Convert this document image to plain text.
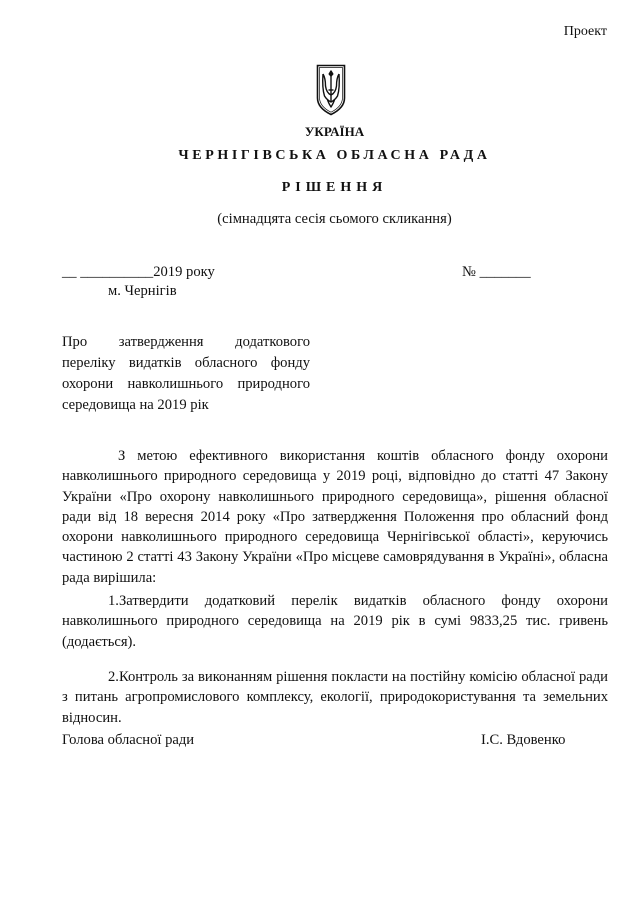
Проект
УКРАЇНА
ЧЕРНІГІВСЬКА ОБЛАСНА РАДА
РІШЕННЯ
(сімнадцята сесія сьомого скликання)
__ __________2019 року	№ _______
м. Чернігів
Про затвердження додаткового переліку видатків обласного фонду охорони навколишнього природного середовища на 2019 рік

З метою ефективного використання коштів обласного фонду охорони навколишнього природного середовища у 2019 році, відповідно до статті 47 Закону України «Про охорону навколишнього природного середовища», рішення обласної ради від 18 вересня 2014 року «Про затвердження Положення про обласний фонд охорони навколишнього природного середовища Чернігівської області», керуючись частиною 2 статті 43 Закону України «Про місцеве самоврядування в Україні», обласна рада вирішила:

1.Затвердити додатковий перелік видатків обласного фонду охорони навколишнього природного середовища на 2019 рік в сумі 9833,25 тис. гривень (додається).

2.Контроль за виконанням рішення покласти на постійну комісію обласної ради з питань агропромислового комплексу, екології, природокористування та земельних відносин.

Голова обласної ради	І.С. Вдовенко
